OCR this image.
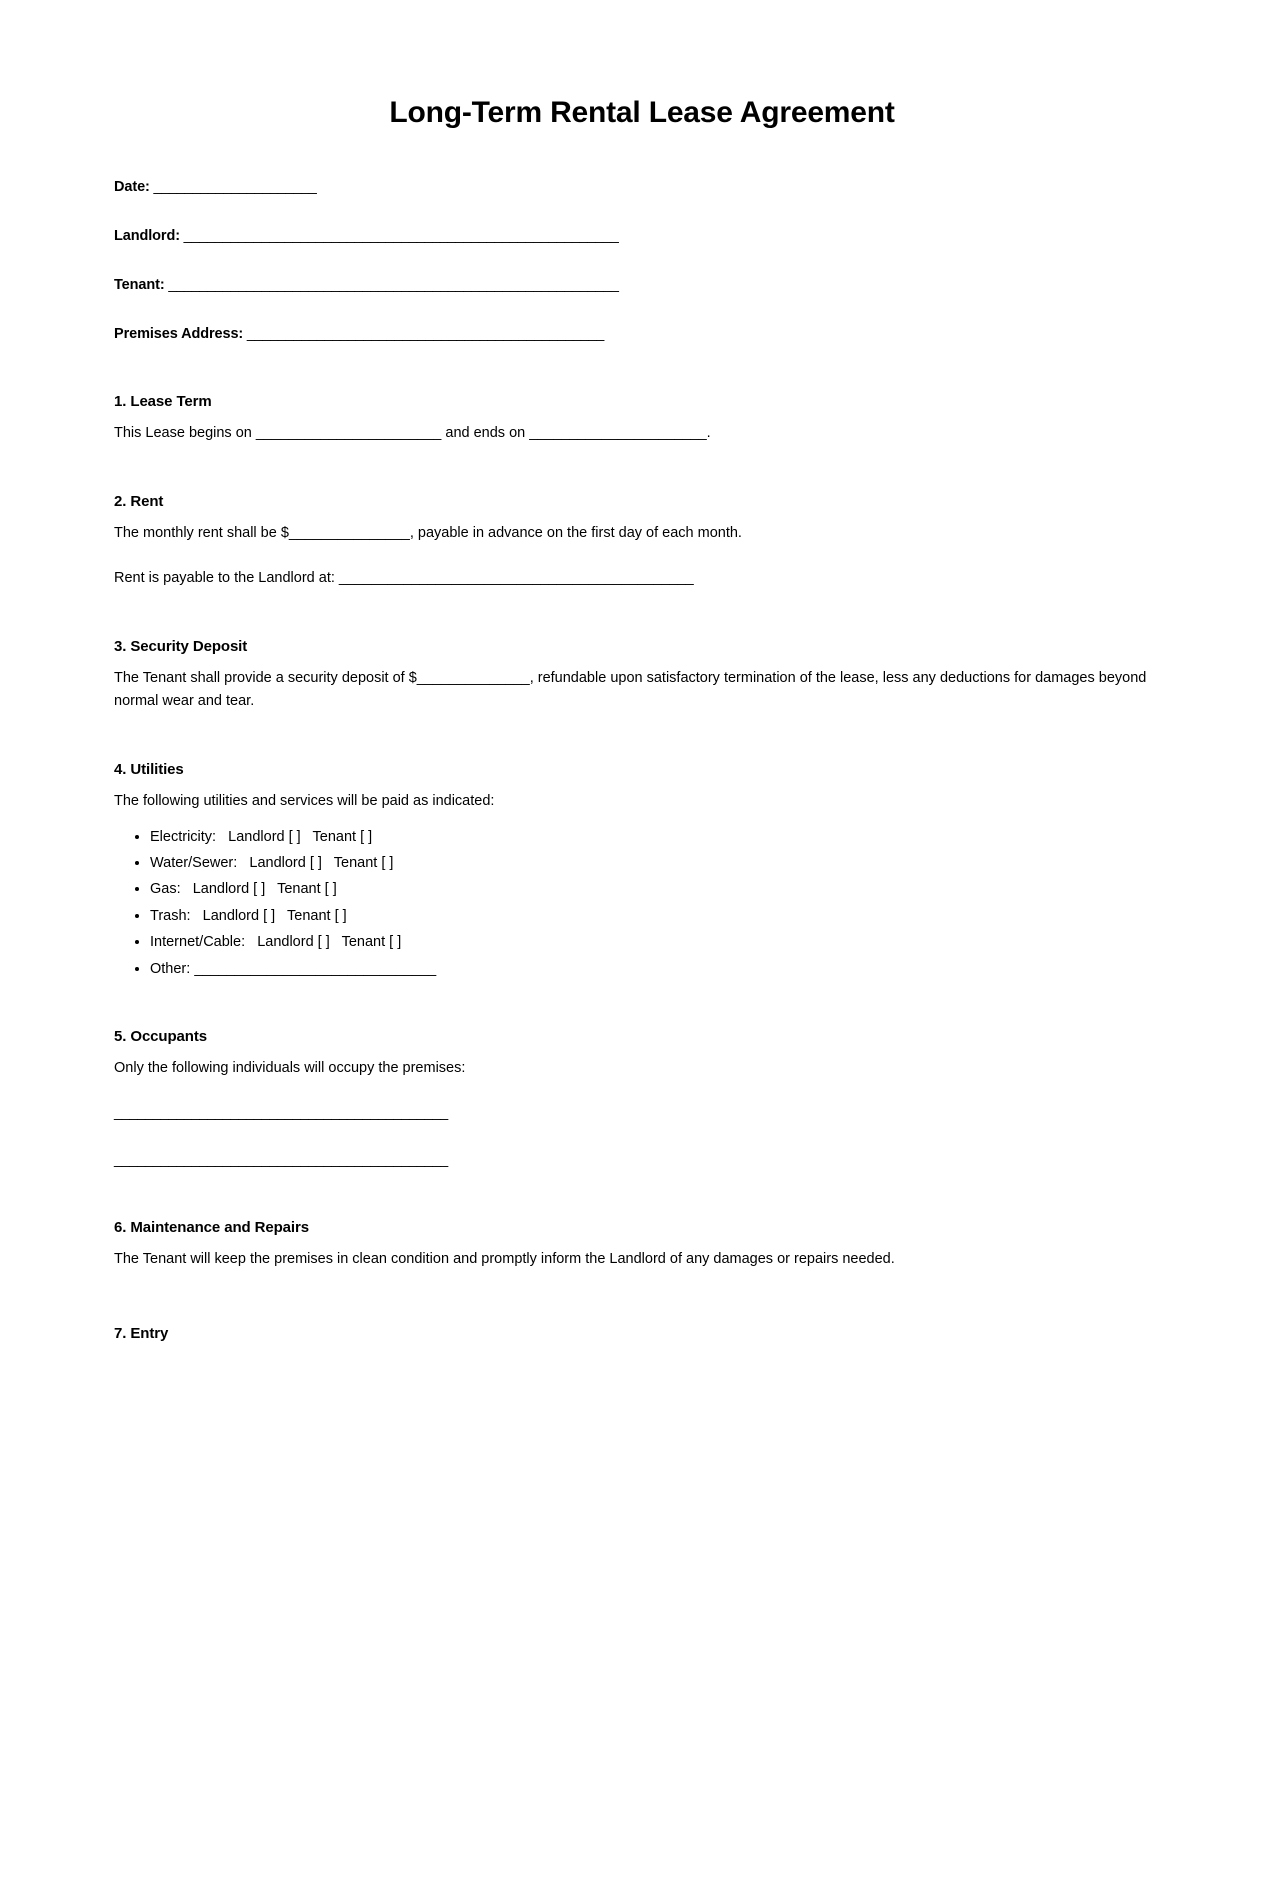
Long-Term Rental Lease Agreement
Date: _____________________
Landlord: ________________________________________________________
Tenant: __________________________________________________________
Premises Address: ______________________________________________
1. Lease Term

This Lease begins on _______________________ and ends on ______________________.

2. Rent

The monthly rent shall be $_______________, payable in advance on the first day of each month.

Rent is payable to the Landlord at: ____________________________________________

3. Security Deposit

The Tenant shall provide a security deposit of $______________, refundable upon satisfactory termination of the lease, less any deductions for damages beyond normal wear and tear.

4. Utilities

The following utilities and services will be paid as indicated:

• Electricity:   Landlord [ ]   Tenant [ ]
• Water/Sewer:   Landlord [ ]   Tenant [ ]
• Gas:   Landlord [ ]   Tenant [ ]
• Trash:   Landlord [ ]   Tenant [ ]
• Internet/Cable:   Landlord [ ]   Tenant [ ]
• Other: ______________________________
5. Occupants

Only the following individuals will occupy the premises:

___________________________________________
___________________________________________
6. Maintenance and Repairs

The Tenant will keep the premises in clean condition and promptly inform the Landlord of any damages or repairs needed.

7. Entry
